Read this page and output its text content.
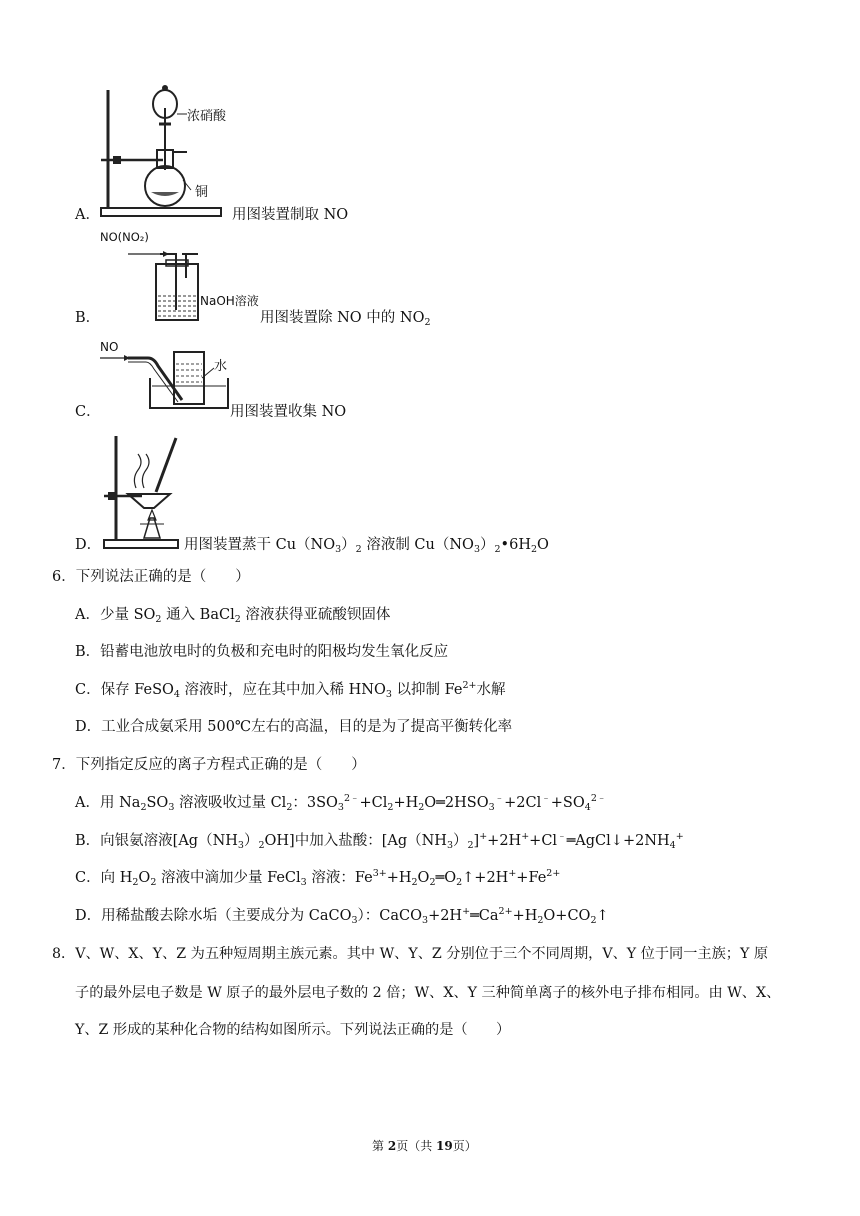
浓硝酸
铜
A．	用图装置制取 NO
NO(NO₂)
NaOH溶液
B．	用图装置除 NO 中的 $NO_2$
NO
水
C．	用图装置收集 NO
D．	用图装置蒸干 $Cu(NO_3)_2$ 溶液制 $Cu(NO_3)_2•6H_2O$
6．下列说法正确的是（　　）
A．少量 $SO_2$ 通入 BaCl$_2$ 溶液获得亚硫酸钡固体
B．铅蓄电池放电时的负极和充电时的阳极均发生氧化反应
C．保存 FeSO$_4$ 溶液时，应在其中加入稀 $HNO_3$ 以抑制 $Fe^{2+}$水解
D．工业合成氨采用 500℃左右的高温，目的是为了提高平衡转化率
7．下列指定反应的离子方程式正确的是（　　）
A．用 $Na_2SO_3$ 溶液吸收过量 $Cl_2$：$3SO_3^{2﹣}+Cl_2+H_2O═2HSO_3^﹣+2Cl^﹣+SO_4^{2﹣}$
B．向银氨溶液$[Ag(NH_3)_2OH]$中加入盐酸：$[Ag(NH_3)_2]^++2H^++Cl^﹣═AgCl↓+2NH_4^+$
C．向 $H_2O_2$ 溶液中滴加少量 FeCl$_3$ 溶液：$Fe^{3+}+H_2O_2═O_2↑+2H^++Fe^{2+}$
D．用稀盐酸去除水垢（主要成分为 CaCO$_3$）：$CaCO_3+2H^+═Ca^{2+}+H_2O+CO_2↑$
8．V、W、X、Y、Z 为五种短周期主族元素。其中 W、Y、Z 分别位于三个不同周期，V、Y 位于同一主族；Y 原
子的最外层电子数是 W 原子的最外层电子数的 2 倍；W、X、Y 三种简单离子的核外电子排布相同。由 W、X、
Y、Z 形成的某种化合物的结构如图所示。下列说法正确的是（　　）
第 2页（共 19页）
